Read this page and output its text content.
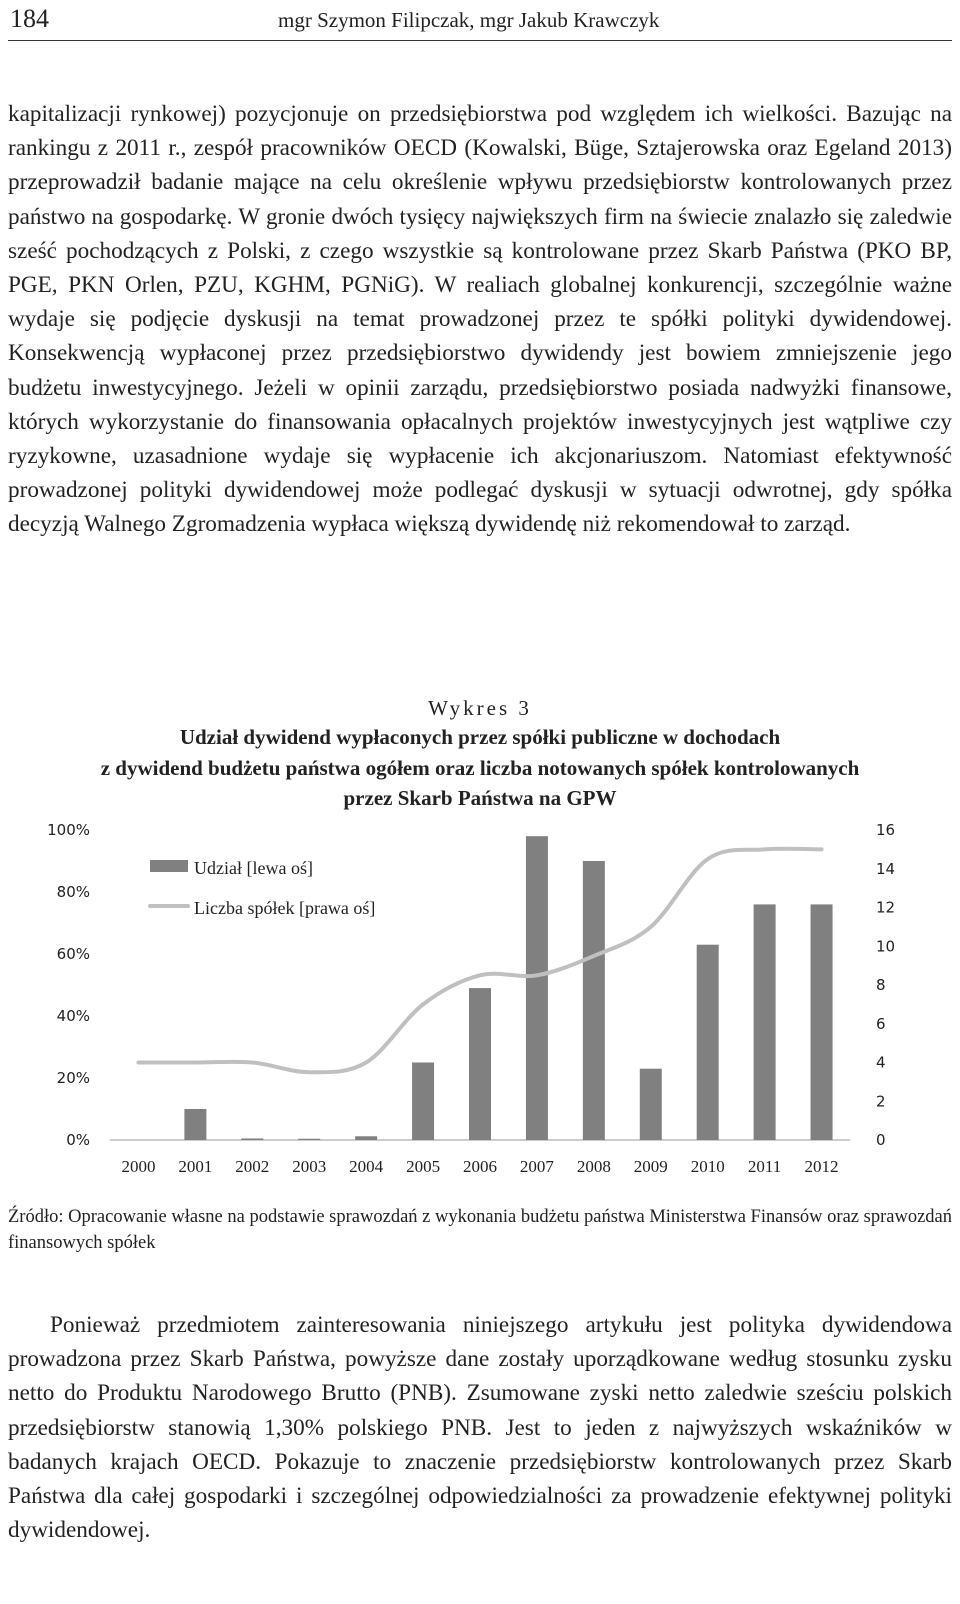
184	mgr Szymon Filipczak, mgr Jakub Krawczyk

kapitalizacji rynkowej) pozycjonuje on przedsiębiorstwa pod względem ich wielkości. Bazując na rankingu z 2011 r., zespół pracowników OECD (Kowalski, Büge, Sztajerowska oraz Egeland 2013) przeprowadził badanie mające na celu określenie wpływu przedsiębiorstw kontrolowanych przez państwo na gospodarkę. W gronie dwóch tysięcy największych firm na świecie znalazło się zaledwie sześć pochodzących z Polski, z czego wszystkie są kontrolowane przez Skarb Państwa (PKO BP, PGE, PKN Orlen, PZU, KGHM, PGNiG). W realiach globalnej konkurencji, szczególnie ważne wydaje się podjęcie dyskusji na temat prowadzonej przez te spółki polityki dywidendowej. Konsekwencją wypłaconej przez przedsiębiorstwo dywidendy jest bowiem zmniejszenie jego budżetu inwestycyjnego. Jeżeli w opinii zarządu, przedsiębiorstwo posiada nadwyżki finansowe, których wykorzystanie do finansowania opłacalnych projektów inwestycyjnych jest wątpliwe czy ryzykowne, uzasadnione wydaje się wypłacenie ich akcjonariuszom. Natomiast efektywność prowadzonej polityki dywidendowej może podlegać dyskusji w sytuacji odwrotnej, gdy spółka decyzją Walnego Zgromadzenia wypłaca większą dywidendę niż rekomendował to zarząd.

Wykres 3

Udział dywidend wypłaconych przez spółki publiczne w dochodach
z dywidend budżetu państwa ogółem oraz liczba notowanych spółek kontrolowanych
przez Skarb Państwa na GPW

0%
20%
40%
60%
80%
100%
0
2
4
6
8
10
12
14
16
2000 2001 2002 2003 2004 2005 2006 2007 2008 2009 2010 2011 2012
Udział [lewa oś]
Liczba spółek [prawa oś]

Źródło: Opracowanie własne na podstawie sprawozdań z wykonania budżetu państwa Ministerstwa Finansów oraz sprawozdań finansowych spółek

Ponieważ przedmiotem zainteresowania niniejszego artykułu jest polityka dywidendowa prowadzona przez Skarb Państwa, powyższe dane zostały uporządkowane według stosunku zysku netto do Produktu Narodowego Brutto (PNB). Zsumowane zyski netto zaledwie sześciu polskich przedsiębiorstw stanowią 1,30% polskiego PNB. Jest to jeden z najwyższych wskaźników w badanych krajach OECD. Pokazuje to znaczenie przedsiębiorstw kontrolowanych przez Skarb Państwa dla całej gospodarki i szczególnej odpowiedzialności za prowadzenie efektywnej polityki dywidendowej.
